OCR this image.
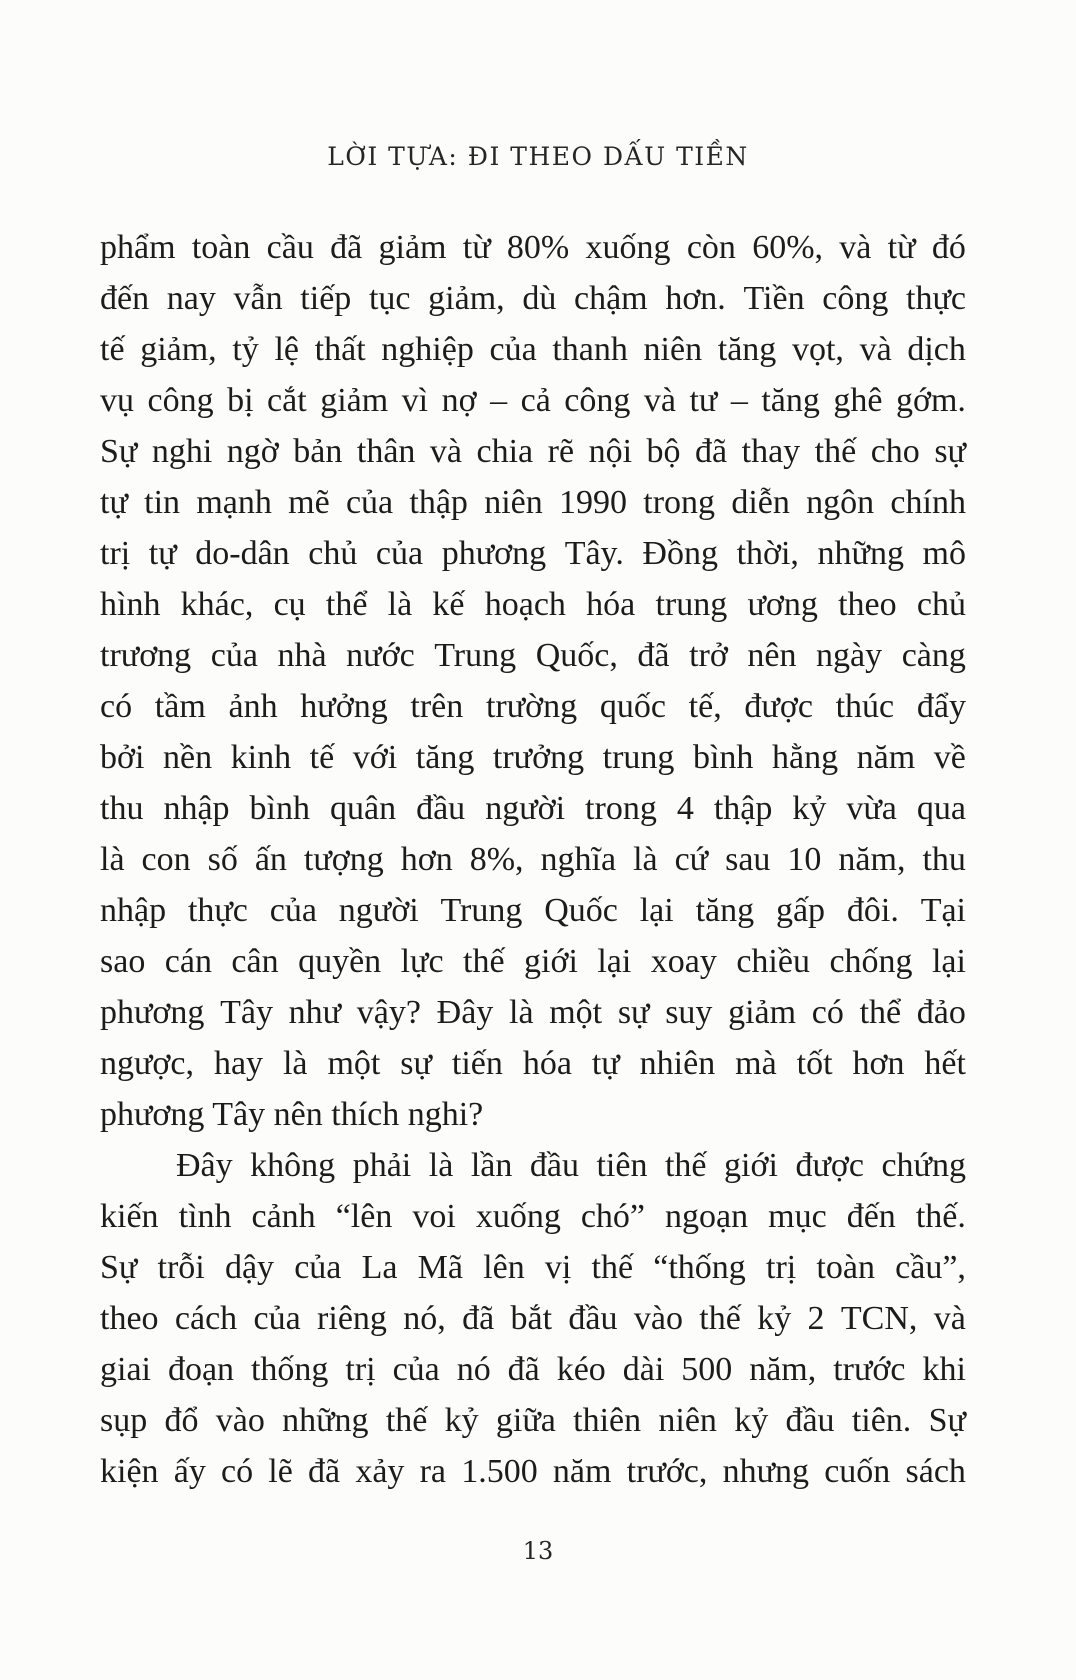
LỜI TỰA: ĐI THEO DẤU TIỀN
phẩm toàn cầu đã giảm từ 80% xuống còn 60%, và từ đó
đến nay vẫn tiếp tục giảm, dù chậm hơn. Tiền công thực
tế giảm, tỷ lệ thất nghiệp của thanh niên tăng vọt, và dịch
vụ công bị cắt giảm vì nợ – cả công và tư – tăng ghê gớm.
Sự nghi ngờ bản thân và chia rẽ nội bộ đã thay thế cho sự
tự tin mạnh mẽ của thập niên 1990 trong diễn ngôn chính
trị tự do-dân chủ của phương Tây. Đồng thời, những mô
hình khác, cụ thể là kế hoạch hóa trung ương theo chủ
trương của nhà nước Trung Quốc, đã trở nên ngày càng
có tầm ảnh hưởng trên trường quốc tế, được thúc đẩy
bởi nền kinh tế với tăng trưởng trung bình hằng năm về
thu nhập bình quân đầu người trong 4 thập kỷ vừa qua
là con số ấn tượng hơn 8%, nghĩa là cứ sau 10 năm, thu
nhập thực của người Trung Quốc lại tăng gấp đôi. Tại
sao cán cân quyền lực thế giới lại xoay chiều chống lại
phương Tây như vậy? Đây là một sự suy giảm có thể đảo
ngược, hay là một sự tiến hóa tự nhiên mà tốt hơn hết
phương Tây nên thích nghi?
Đây không phải là lần đầu tiên thế giới được chứng
kiến tình cảnh “lên voi xuống chó” ngoạn mục đến thế.
Sự trỗi dậy của La Mã lên vị thế “thống trị toàn cầu”,
theo cách của riêng nó, đã bắt đầu vào thế kỷ 2 TCN, và
giai đoạn thống trị của nó đã kéo dài 500 năm, trước khi
sụp đổ vào những thế kỷ giữa thiên niên kỷ đầu tiên. Sự
kiện ấy có lẽ đã xảy ra 1.500 năm trước, nhưng cuốn sách
13
